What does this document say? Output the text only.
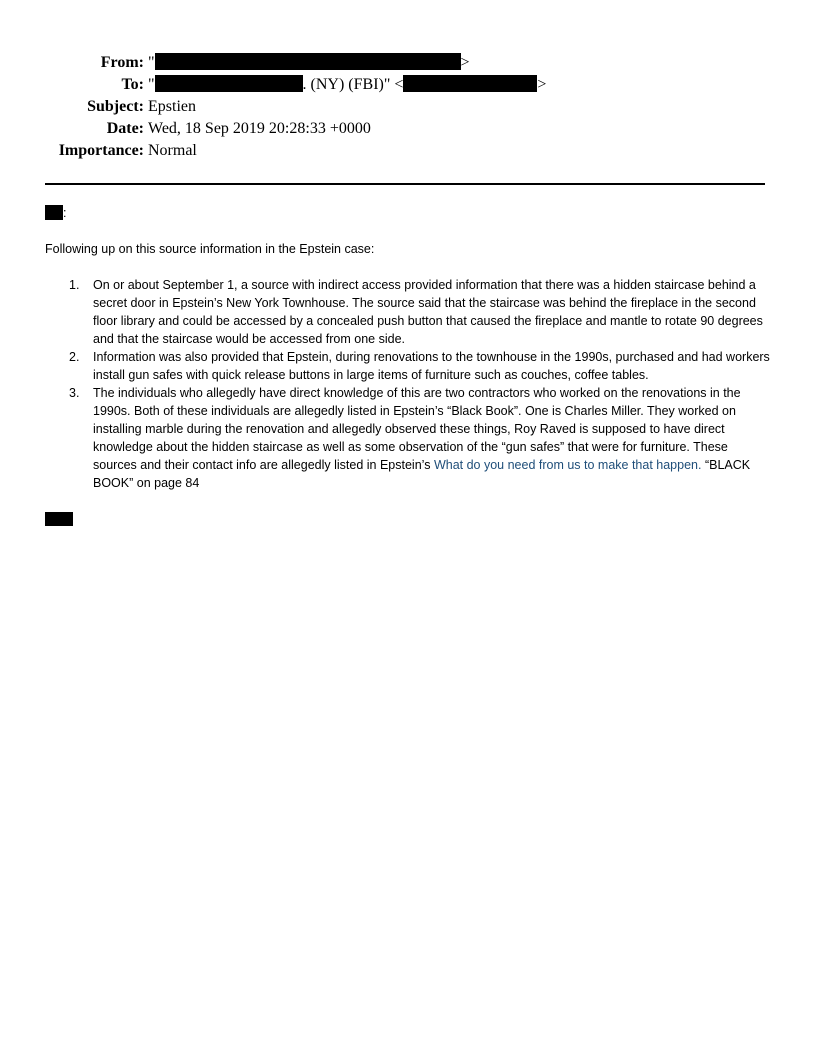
From: "	>
To: "	. (NY) (FBI)" <	>
Subject: Epstien
Date: Wed, 18 Sep 2019 20:28:33 +0000
Importance: Normal
:
Following up on this source information in the Epstein case:
1. On or about September 1, a source with indirect access provided information that there was a hidden staircase behind a secret door in Epstein’s New York Townhouse. The source said that the staircase was behind the fireplace in the second floor library and could be accessed by a concealed push button that caused the fireplace and mantle to rotate 90 degrees and that the staircase would be accessed from one side.
2. Information was also provided that Epstein, during renovations to the townhouse in the 1990s, purchased and had workers install gun safes with quick release buttons in large items of furniture such as couches, coffee tables.
3. The individuals who allegedly have direct knowledge of this are two contractors who worked on the renovations in the 1990s. Both of these individuals are allegedly listed in Epstein’s “Black Book”. One is Charles Miller. They worked on installing marble during the renovation and allegedly observed these things, Roy Raved is supposed to have direct knowledge about the hidden staircase as well as some observation of the “gun safes” that were for furniture. These sources and their contact info are allegedly listed in Epstein’s What do you need from us to make that happen. “BLACK BOOK” on page 84
